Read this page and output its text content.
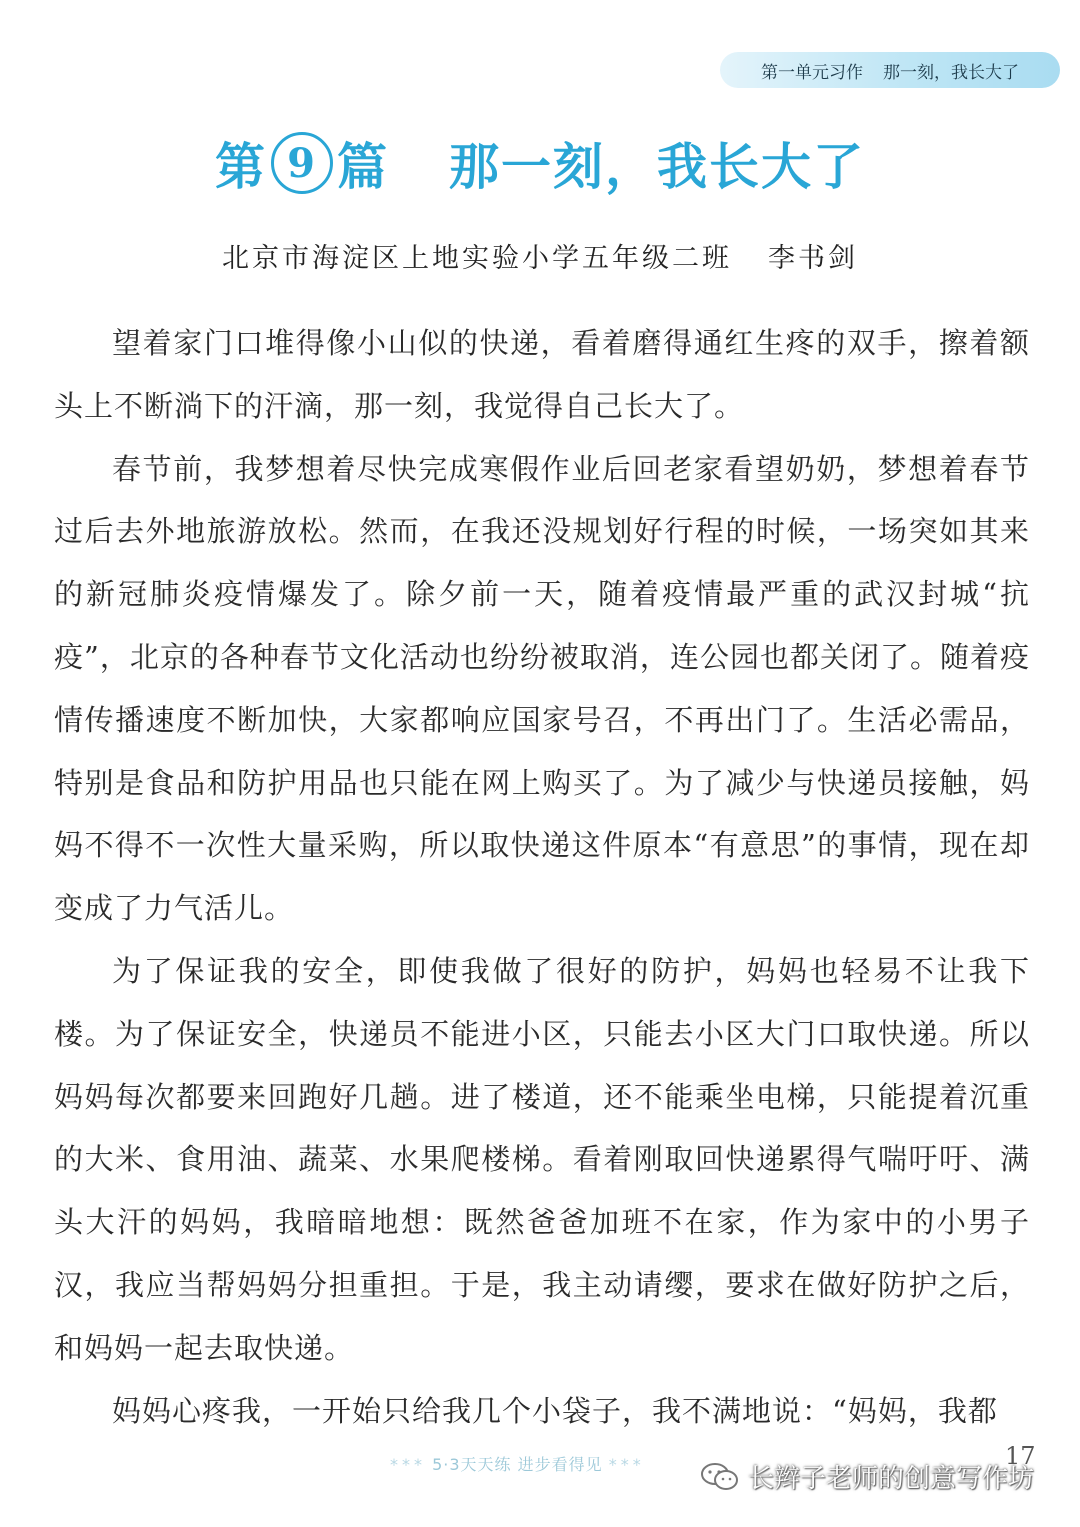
第一单元习作 那一刻，我长大了
第 9 篇 那一刻，我长大了
北京市海淀区上地实验小学五年级二班 李书剑

望着家门口堆得像小山似的快递，看着磨得通红生疼的双手，擦着额头上不断淌下的汗滴，那一刻，我觉得自己长大了。

春节前，我梦想着尽快完成寒假作业后回老家看望奶奶，梦想着春节过后去外地旅游放松。然而，在我还没规划好行程的时候，一场突如其来的新冠肺炎疫情爆发了。除夕前一天，随着疫情最严重的武汉封城“抗疫”，北京的各种春节文化活动也纷纷被取消，连公园也都关闭了。随着疫情传播速度不断加快，大家都响应国家号召，不再出门了。生活必需品，特别是食品和防护用品也只能在网上购买了。为了减少与快递员接触，妈妈不得不一次性大量采购，所以取快递这件原本“有意思”的事情，现在却变成了力气活儿。

为了保证我的安全，即使我做了很好的防护，妈妈也轻易不让我下楼。为了保证安全，快递员不能进小区，只能去小区大门口取快递。所以妈妈每次都要来回跑好几趟。进了楼道，还不能乘坐电梯，只能提着沉重的大米、食用油、蔬菜、水果爬楼梯。看着刚取回快递累得气喘吁吁、满头大汗的妈妈，我暗暗地想：既然爸爸加班不在家，作为家中的小男子汉，我应当帮妈妈分担重担。于是，我主动请缨，要求在做好防护之后，和妈妈一起去取快递。

妈妈心疼我，一开始只给我几个小袋子，我不满地说：“妈妈，我都

*** 5·3天天练 进步看得见 ***	17
长辫子老师的创意写作坊
